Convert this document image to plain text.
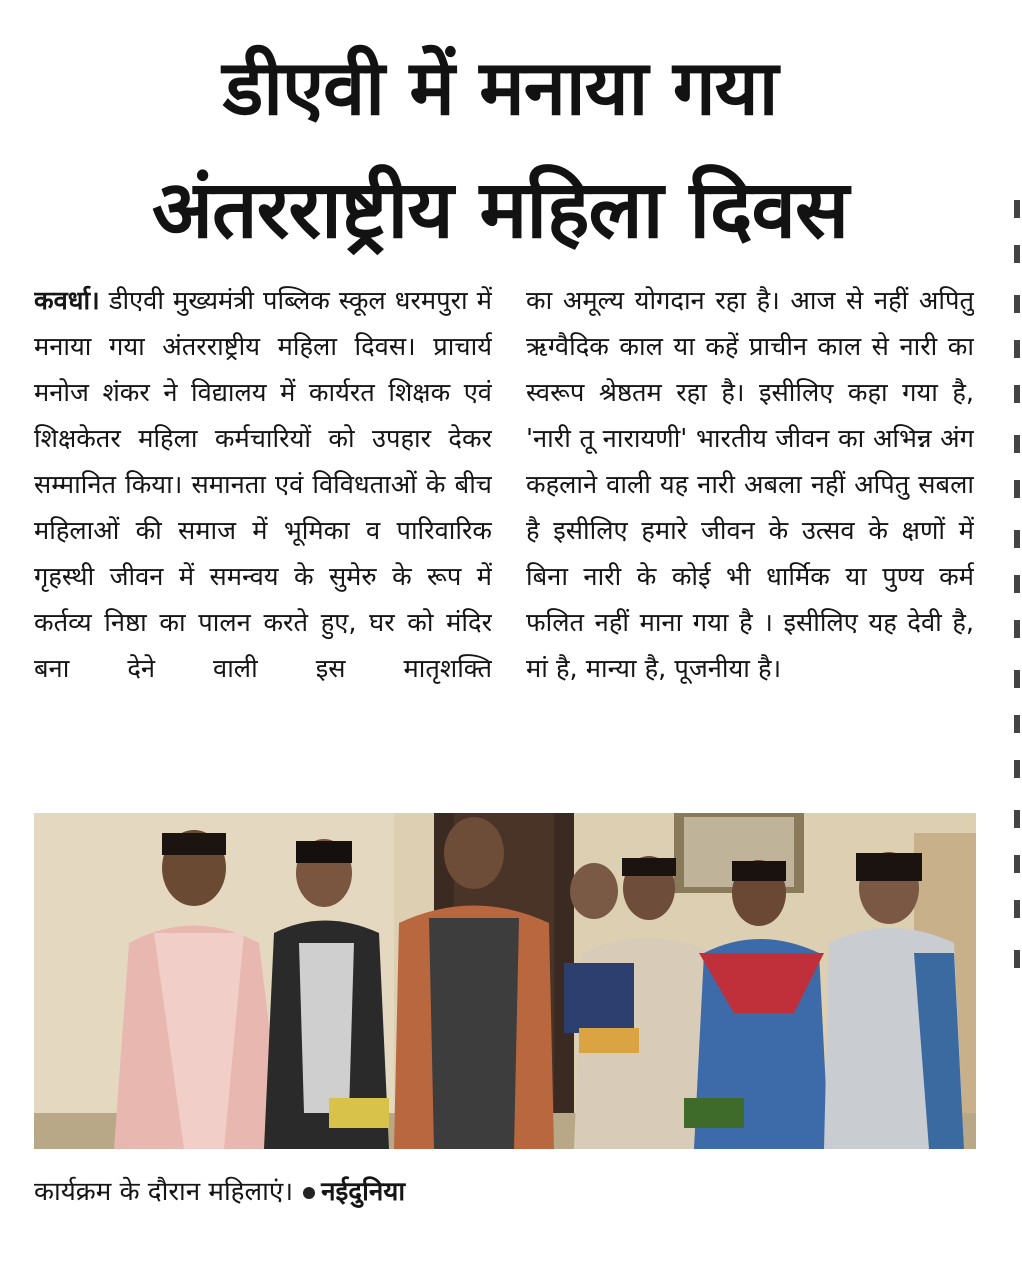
डीएवी में मनाया गया
अंतरराष्ट्रीय महिला दिवस

कवर्धा। डीएवी मुख्यमंत्री पब्लिक स्कूल धरमपुरा में मनाया गया अंतरराष्ट्रीय महिला दिवस। प्राचार्य मनोज शंकर ने विद्यालय में कार्यरत शिक्षक एवं शिक्षकेतर महिला कर्मचारियों को उपहार देकर सम्मानित किया। समानता एवं विविधताओं के बीच महिलाओं की समाज में भूमिका व पारिवारिक गृहस्थी जीवन में समन्वय के सुमेरु के रूप में कर्तव्य निष्ठा का पालन करते हुए, घर को मंदिर बना देने वाली इस मातृशक्ति

का अमूल्य योगदान रहा है। आज से नहीं अपितु ऋग्वैदिक काल या कहें प्राचीन काल से नारी का स्वरूप श्रेष्ठतम रहा है। इसीलिए कहा गया है, 'नारी तू नारायणी' भारतीय जीवन का अभिन्न अंग कहलाने वाली यह नारी अबला नहीं अपितु सबला है इसीलिए हमारे जीवन के उत्सव के क्षणों में बिना नारी के कोई भी धार्मिक या पुण्य कर्म फलित नहीं माना गया है । इसीलिए यह देवी है, मां है, मान्या है, पूजनीया है।

कार्यक्रम के दौरान महिलाएं। नईदुनिया
